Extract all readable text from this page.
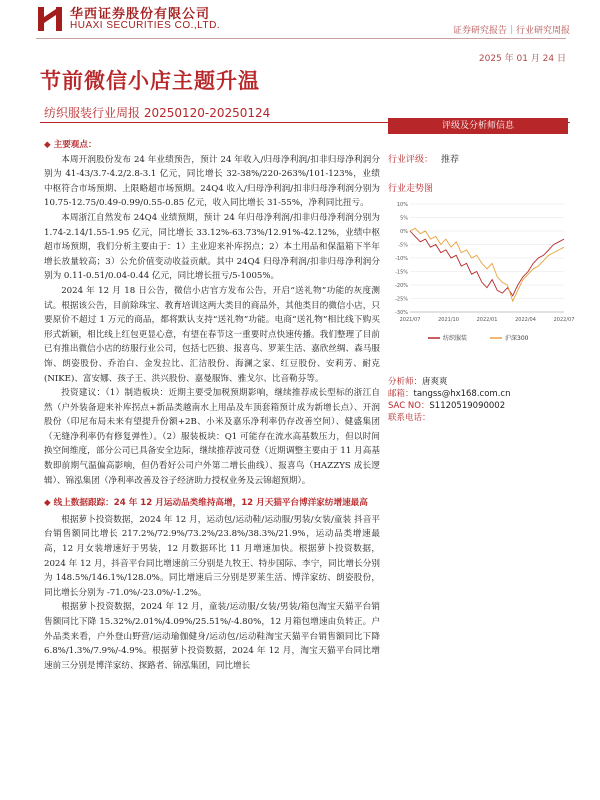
华西证券股份有限公司
HUAXI SECURITIES CO.,LTD.	证券研究报告｜行业研究周报
2025 年 01 月 24 日
节前微信小店主题升温
纺织服装行业周报 20250120-20250124
◆ 主要观点：

本周开润股份发布 24 年业绩预告，预计 24 年收入/归母净利润/扣非归母净利润分别为 41-43/3.7-4.2/2.8-3.1 亿元，同比增长 32-38%/220-263%/101-123%，业绩中枢符合市场预期、上限略超市场预期。24Q4 收入/归母净利润/扣非归母净利润分别为 10.75-12.75/0.49-0.99/0.55-0.85 亿元，收入同比增长 31-55%，净利同比扭亏。

本周浙江自然发布 24Q4 业绩预期，预计 24 年归母净利润/扣非归母净利润分别为 1.74-2.14/1.55-1.95 亿元，同比增长 33.12%-63.73%/12.91%-42.12%，业绩中枢超市场预期，我们分析主要由于：1）主业迎来补库拐点；2）本土用品和保温箱下半年增长放量较高；3）公允价值变动收益贡献。其中 24Q4 归母净利润/扣非归母净利润分别为 0.11-0.51/0.04-0.44 亿元，同比增长扭亏/5-1005%。

2024 年 12 月 18 日公告，微信小店官方发布公告，开启“送礼物”功能的灰度测试。根据该公告，目前除珠宝、教育培训这两大类目的商品外，其他类目的微信小店，只要原价不超过 1 万元的商品，都将默认支持“送礼物”功能。电商“送礼物”相比线下购买形式新颖，相比线上红包更显心意，有望在春节这一重要时点快速传播。我们整理了目前已有推出微信小店的纺服行业公司，包括七匹狼、报喜鸟、罗莱生活、嘉欣丝绸、森马服饰、朗姿股份、乔治白、金发拉比、汇洁股份、海澜之家、红豆股份、安莉芳、耐克(NIKE)、富安娜、孩子王、洪兴股份、嘉曼服饰、雅戈尔、比音勒芬等。

投资建议：（1）制造板块：近期主要受加税预期影响，继续推荐成长型标的浙江自然（户外装备迎来补库拐点+新品类越南水上用品及车顶套箱预计成为新增长点）、开润股份（印尼布局未来有望提升份额+2B、小米及嘉乐净利率仍存改善空间）、健盛集团（无缝净利率仍有修复弹性）。（2）服装板块：Q1 可能存在流水高基数压力，但以时间换空间维度，部分公司已具备安全边际，继续推荐波司登（近期调整主要由于 11 月高基数即前期气温偏高影响，但仍看好公司户外第二增长曲线）、报喜鸟（HAZZYS 成长逻辑）、锦泓集团（净利率改善及谷子经济助力授权业务及云锦超预期）。

◆ 线上数据跟踪：24 年 12 月运动品类维持高增，12 月天猫平台博洋家纺增速最高

根据萝卜投资数据，2024 年 12 月，运动包/运动鞋/运动服/男装/女装/童装 抖音平台销售额同比增长 217.2%/72.9%/73.2%/23.8%/38.3%/21.9%，运动品类增速最高，12 月女装增速好于男装，12 月数据环比 11 月增速加快。根据萝卜投资数据，2024 年 12 月，抖音平台同比增速前三分别是九牧王、特步国际、李宁，同比增长分别为 148.5%/146.1%/128.0%。同比增速后三分别是罗莱生活、博洋家纺、朗姿股份，同比增长分别为 -71.0%/-23.0%/-1.2%。

根据萝卜投资数据，2024 年 12 月，童装/运动服/女装/男装/箱包淘宝天猫平台销售额同比下降 15.32%/2.01%/4.09%/25.51%/-4.80%，12 月箱包增速由负转正。户外品类来看，户外登山野营/运动瑜伽健身/运动包/运动鞋淘宝天猫平台销售额同比下降 6.8%/1.3%/7.9%/-4.9%。根据萝卜投资数据，2024 年 12 月，淘宝天猫平台同比增速前三分别是博洋家纺、探路者、锦泓集团，同比增长

评级及分析师信息
行业评级： 推荐
行业走势图
10%
5%
0%
-5%
-10%
-15%
-20%
-25%
-30%
2021/07	2021/10	2022/01	2022/04	2022/07
纺织服装	沪深300
分析师：唐爽爽
邮箱：tangss@hx168.com.cn
SAC NO：S1120519090002
联系电话：
